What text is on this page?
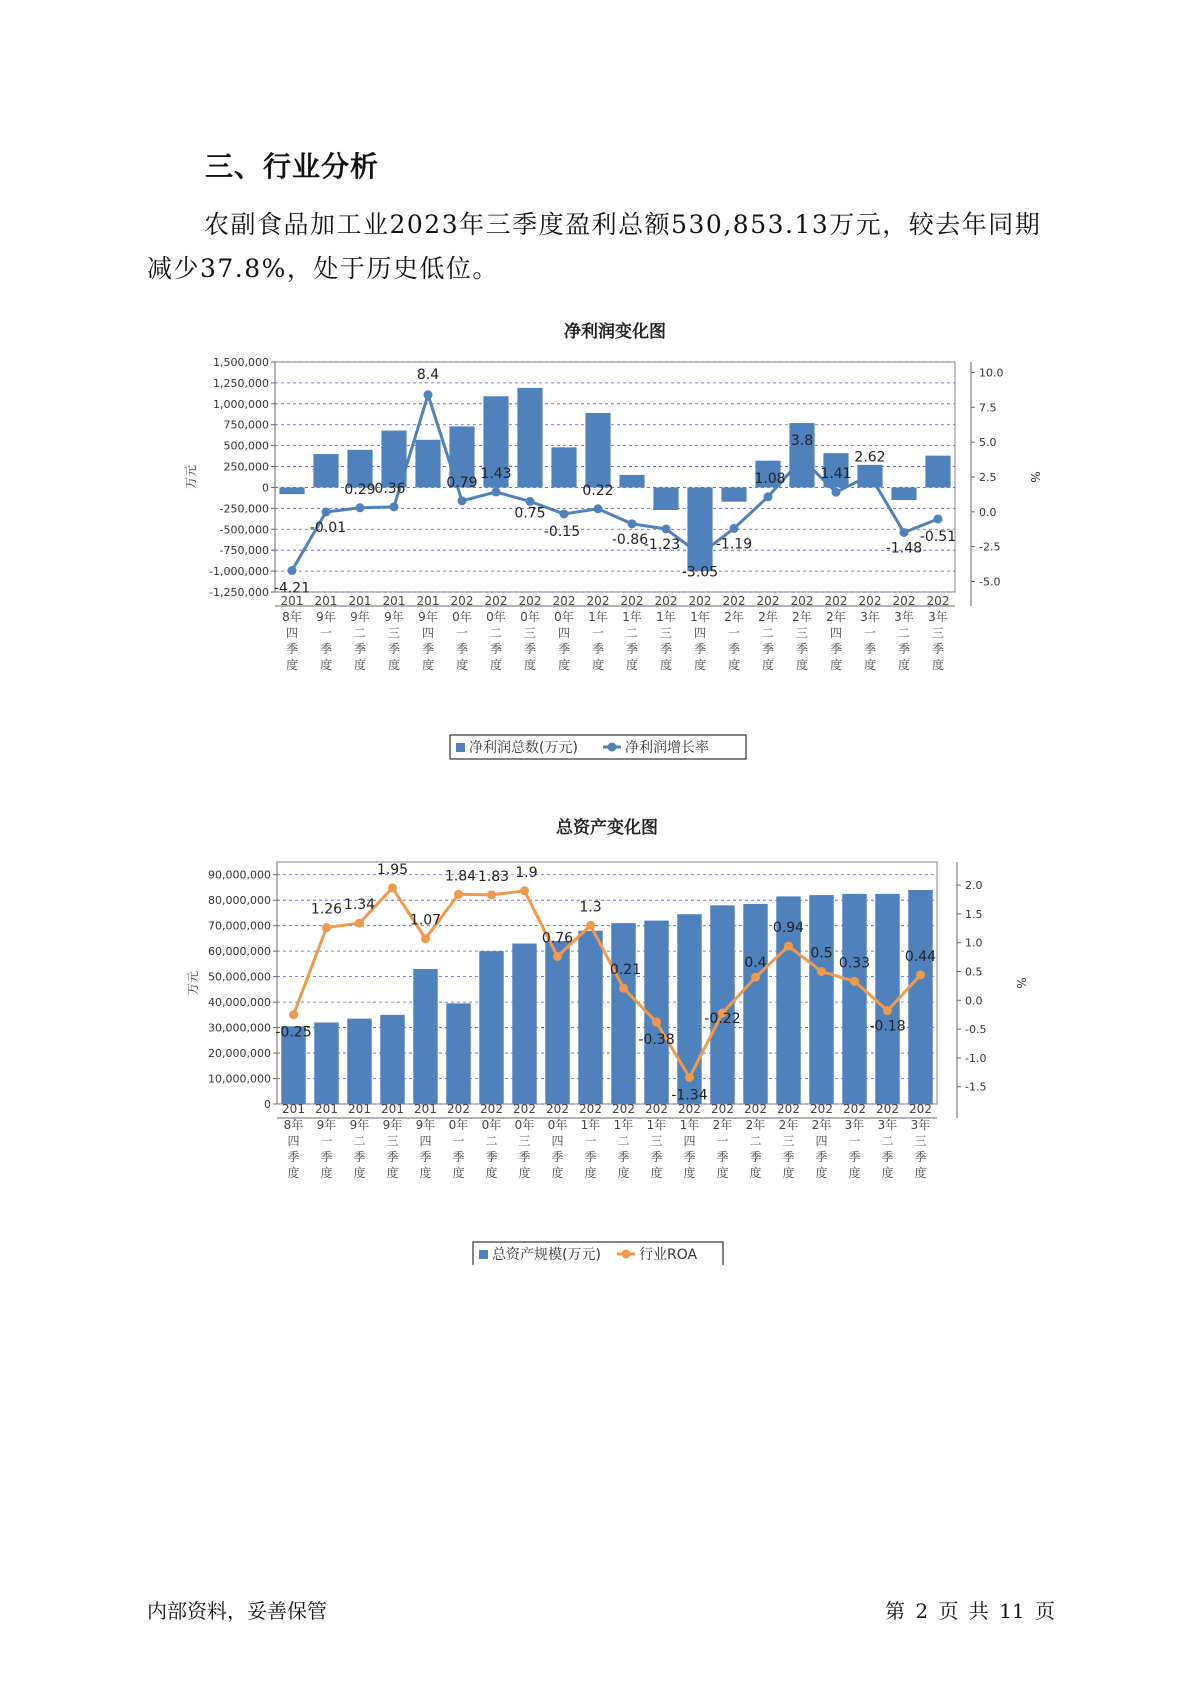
三、行业分析
农副食品加工业2023年三季度盈利总额530,853.13万元，较去年同期减少37.8%，处于历史低位。
净利润变化图
1,500,000
1,250,000
1,000,000
750,000
500,000
250,000
0
-250,000
-500,000
-750,000
-1,000,000
-1,250,000
万元
10.0
7.5
5.0
2.5
0.0
-2.5
-5.0
%
-4.21
-0.01
0.29
0.36
8.4
0.79
1.43
0.75
-0.15
0.22
-0.86
-1.23
-3.05
-1.19
1.08
3.8
1.41
2.62
-1.48
-0.51
201
8年
四
季
度
201
9年
一
季
度
201
9年
二
季
度
201
9年
三
季
度
201
9年
四
季
度
202
0年
一
季
度
202
0年
二
季
度
202
0年
三
季
度
202
0年
四
季
度
202
1年
一
季
度
202
1年
二
季
度
202
1年
三
季
度
202
1年
四
季
度
202
2年
一
季
度
202
2年
二
季
度
202
2年
三
季
度
202
2年
四
季
度
202
3年
一
季
度
202
3年
二
季
度
202
3年
三
季
度
净利润总数(万元)	净利润增长率
总资产变化图
90,000,000
80,000,000
70,000,000
60,000,000
50,000,000
40,000,000
30,000,000
20,000,000
10,000,000
0
万元
2.0
1.5
1.0
0.5
0.0
-0.5
-1.0
-1.5
%
-0.25
1.26 1.34
1.95
1.07
1.84 1.83 1.9
0.76
1.3
0.21
-0.38
-1.34
-0.22
0.4
0.94
0.5
0.33
-0.18
0.44
201
8年
四
季
度
201
9年
一
季
度
201
9年
二
季
度
201
9年
三
季
度
201
9年
四
季
度
202
0年
一
季
度
202
0年
二
季
度
202
0年
三
季
度
202
0年
四
季
度
202
1年
一
季
度
202
1年
二
季
度
202
1年
三
季
度
202
1年
四
季
度
202
2年
一
季
度
202
2年
二
季
度
202
2年
三
季
度
202
2年
四
季
度
202
3年
一
季
度
202
3年
二
季
度
202
3年
三
季
度
总资产规模(万元)	行业ROA
内部资料，妥善保管	第 2 页 共 11 页
